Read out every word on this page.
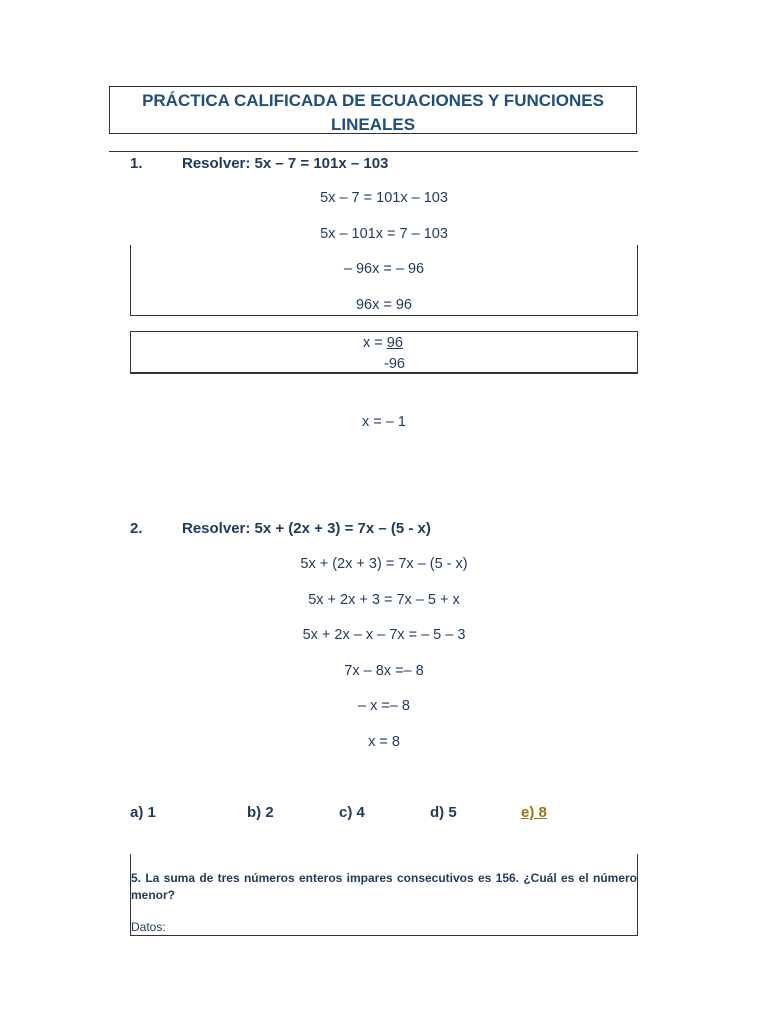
PRÁCTICA CALIFICADA DE ECUACIONES Y FUNCIONES LINEALES
1.	Resolver: 5x – 7 = 101x – 103
5x – 7 = 101x – 103
5x – 101x = 7 – 103
– 96x = – 96
96x = 96
x = 96
-96
x = – 1
2.	Resolver: 5x + (2x + 3) = 7x – (5 - x)
5x + (2x + 3) = 7x – (5 - x)
5x + 2x + 3 = 7x – 5 + x
5x + 2x – x – 7x = – 5 – 3
7x – 8x =– 8
– x =– 8
x = 8
a) 1	b) 2	c) 4	d) 5	e) 8
5. La suma de tres números enteros impares consecutivos es 156. ¿Cuál es el número menor?
Datos:
